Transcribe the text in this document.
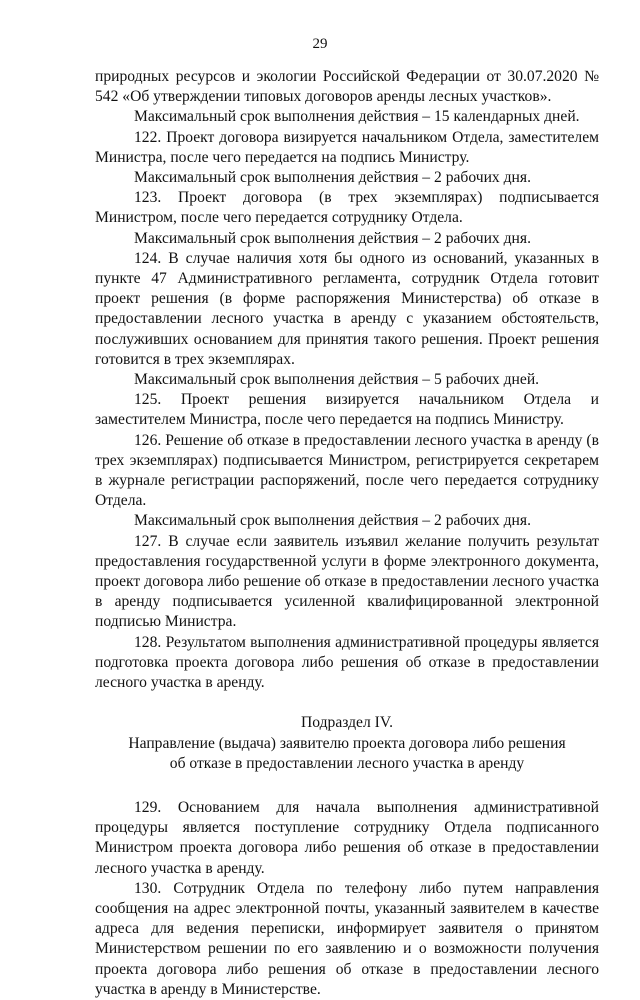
29

природных ресурсов и экологии Российской Федерации от 30.07.2020 № 542 «Об утверждении типовых договоров аренды лесных участков».

Максимальный срок выполнения действия – 15 календарных дней.

122. Проект договора визируется начальником Отдела, заместителем Министра, после чего передается на подпись Министру.

Максимальный срок выполнения действия – 2 рабочих дня.

123. Проект договора (в трех экземплярах) подписывается Министром, после чего передается сотруднику Отдела.

Максимальный срок выполнения действия – 2 рабочих дня.

124. В случае наличия хотя бы одного из оснований, указанных в пункте 47 Административного регламента, сотрудник Отдела готовит проект решения (в форме распоряжения Министерства) об отказе в предоставлении лесного участка в аренду с указанием обстоятельств, послуживших основанием для принятия такого решения. Проект решения готовится в трех экземплярах.

Максимальный срок выполнения действия – 5 рабочих дней.

125. Проект решения визируется начальником Отдела и заместителем Министра, после чего передается на подпись Министру.

126. Решение об отказе в предоставлении лесного участка в аренду (в трех экземплярах) подписывается Министром, регистрируется секретарем в журнале регистрации распоряжений, после чего передается сотруднику Отдела.

Максимальный срок выполнения действия – 2 рабочих дня.

127. В случае если заявитель изъявил желание получить результат предоставления государственной услуги в форме электронного документа, проект договора либо решение об отказе в предоставлении лесного участка в аренду подписывается усиленной квалифицированной электронной подписью Министра.

128. Результатом выполнения административной процедуры является подготовка проекта договора либо решения об отказе в предоставлении лесного участка в аренду.

Подраздел IV.

Направление (выдача) заявителю проекта договора либо решения

об отказе в предоставлении лесного участка в аренду

129. Основанием для начала выполнения административной процедуры является поступление сотруднику Отдела подписанного Министром проекта договора либо решения об отказе в предоставлении лесного участка в аренду.

130. Сотрудник Отдела по телефону либо путем направления сообщения на адрес электронной почты, указанный заявителем в качестве адреса для ведения переписки, информирует заявителя о принятом Министерством решении по его заявлению и о возможности получения проекта договора либо решения об отказе в предоставлении лесного участка в аренду в Министерстве.
